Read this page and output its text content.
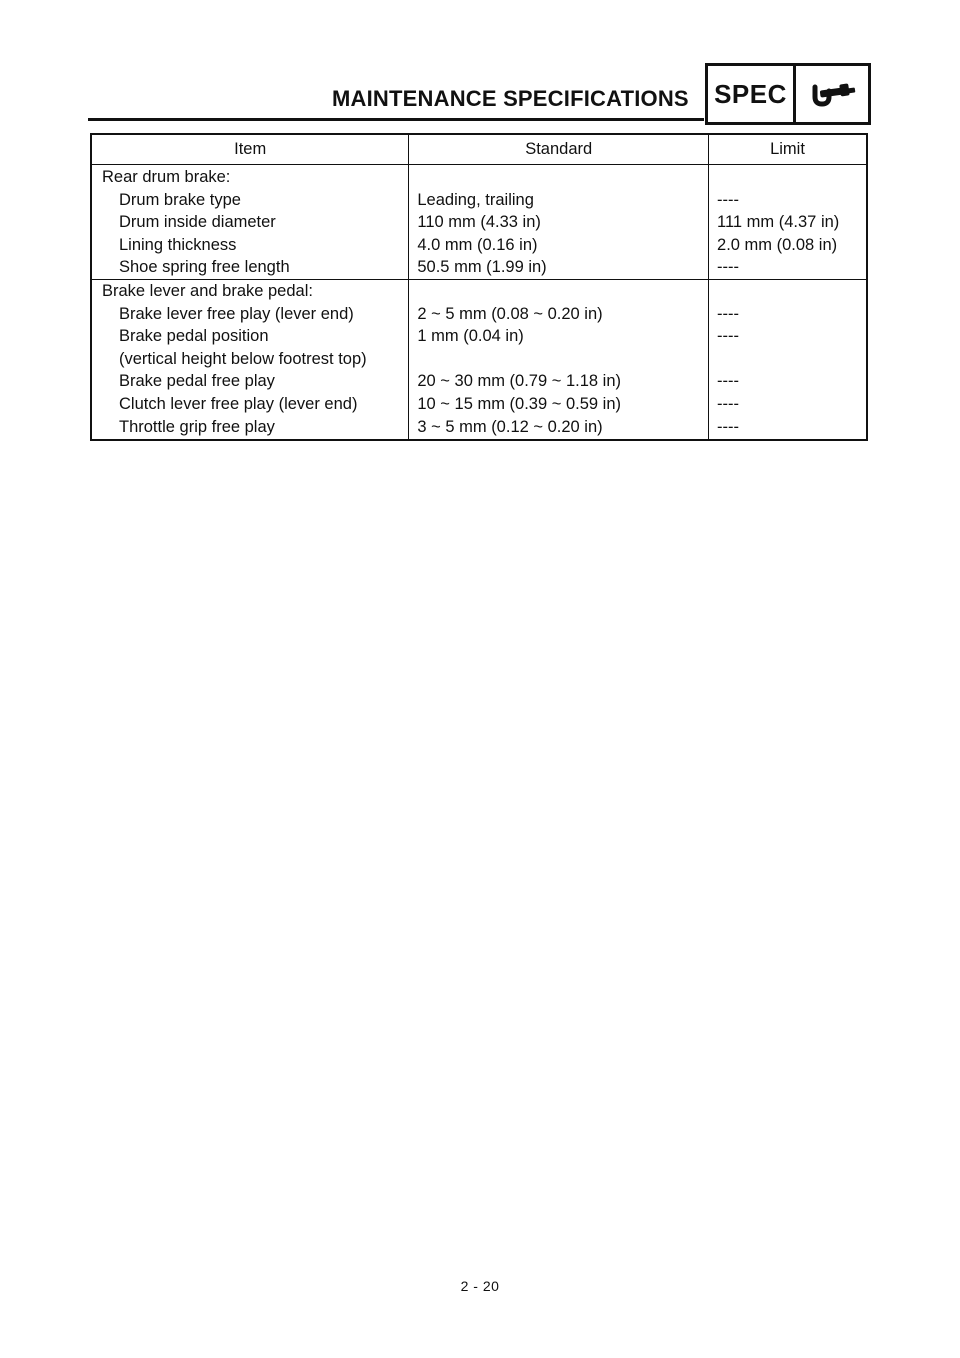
MAINTENANCE SPECIFICATIONS SPEC
Item	Standard	Limit
Rear drum brake:		
Drum brake type	Leading, trailing	----
Drum inside diameter	110 mm (4.33 in)	111 mm (4.37 in)
Lining thickness	4.0 mm (0.16 in)	2.0 mm (0.08 in)
Shoe spring free length	50.5 mm (1.99 in)	----
Brake lever and brake pedal:		
Brake lever free play (lever end)	2 ~ 5 mm (0.08 ~ 0.20 in)	----
Brake pedal position
(vertical height below footrest top)	1 mm (0.04 in)	----
Brake pedal free play	20 ~ 30 mm (0.79 ~ 1.18 in)	----
Clutch lever free play (lever end)	10 ~ 15 mm (0.39 ~ 0.59 in)	----
Throttle grip free play	3 ~ 5 mm (0.12 ~ 0.20 in)	----
2 - 20
